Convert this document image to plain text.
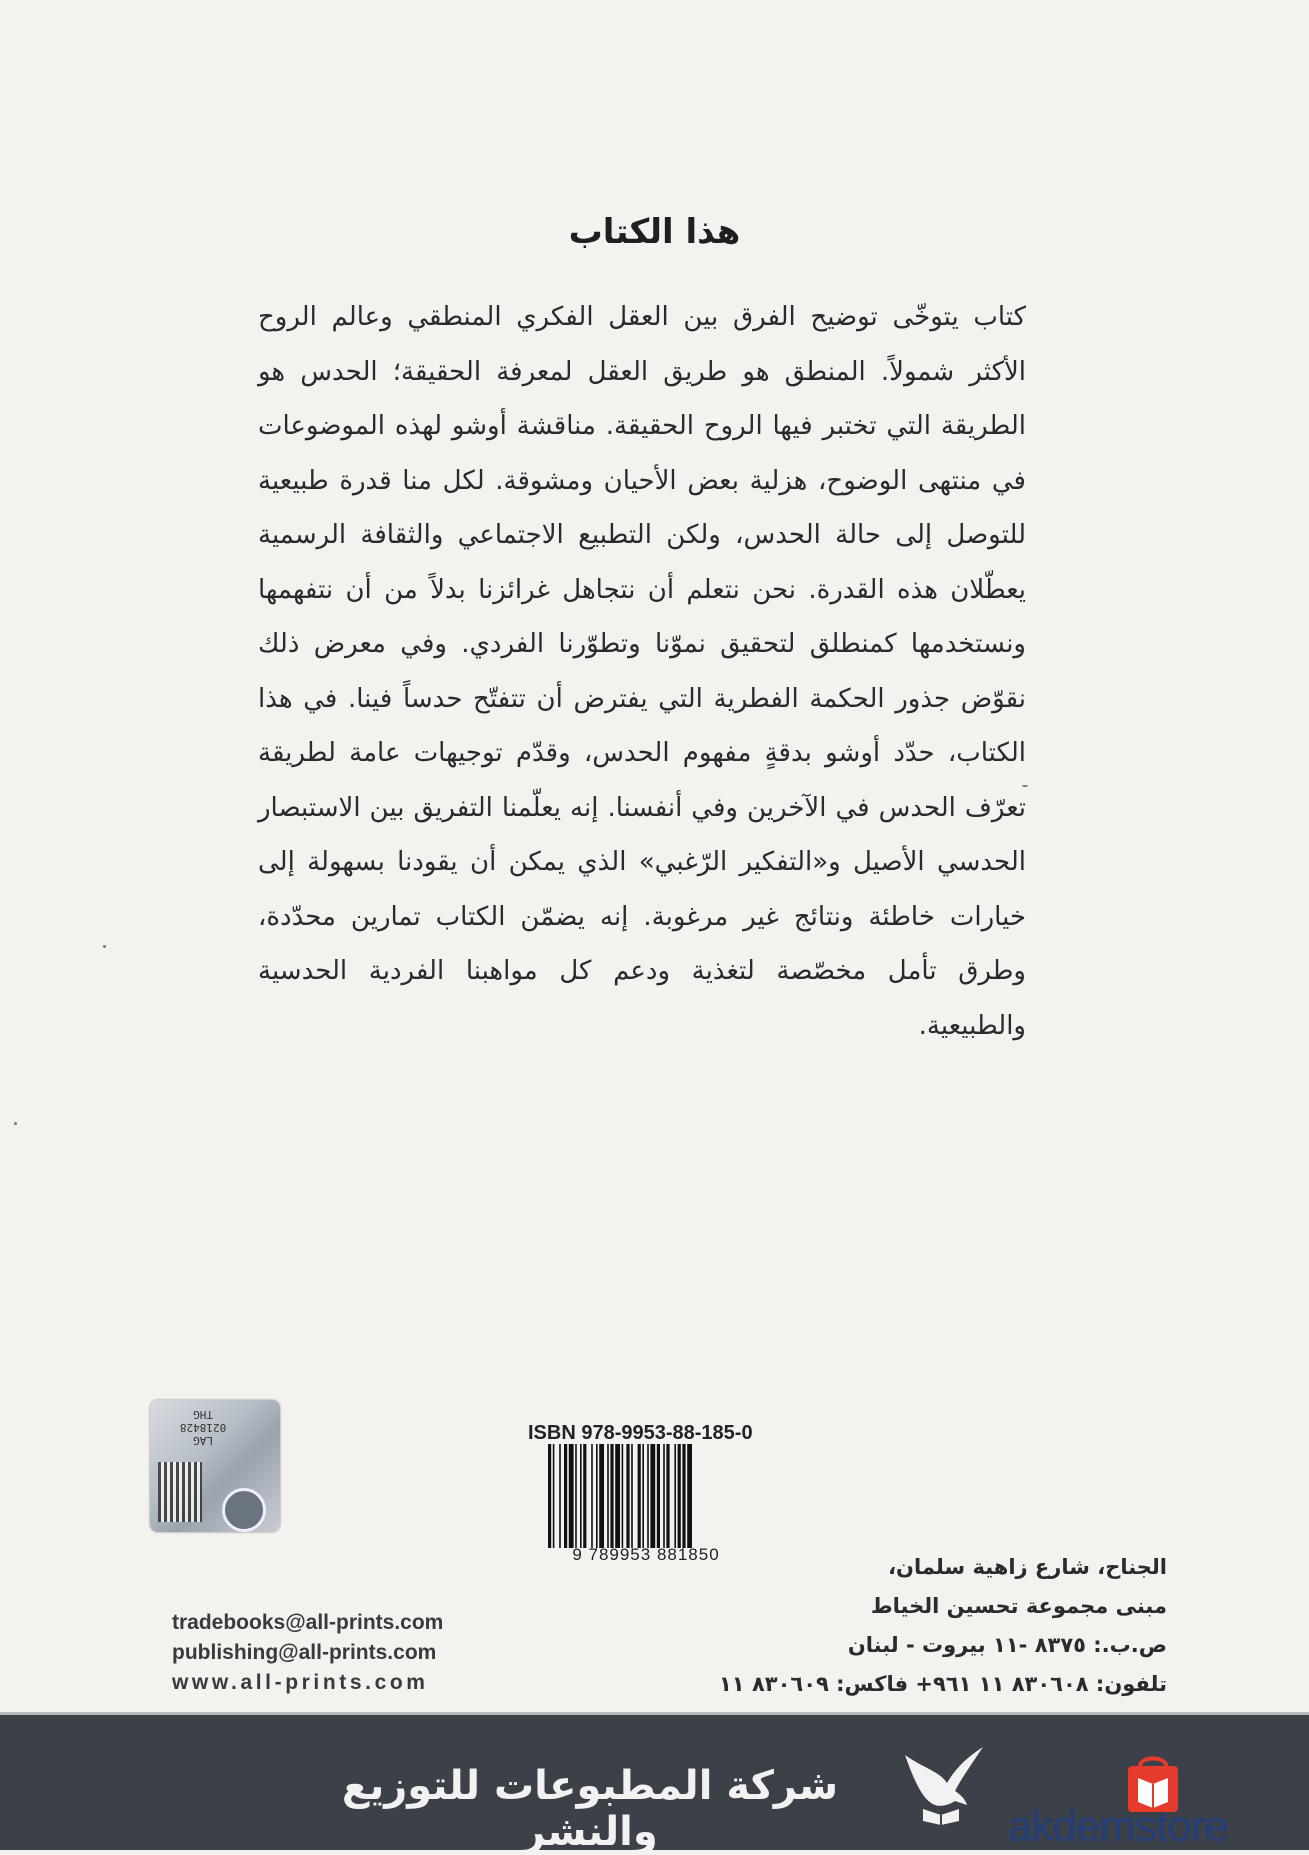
هذا الكتاب

كتاب يتوخّى توضيح الفرق بين العقل الفكري المنطقي وعالم الروح الأكثر شمولاً. المنطق هو طريق العقل لمعرفة الحقيقة؛ الحدس هو الطريقة التي تختبر فيها الروح الحقيقة. مناقشة أوشو لهذه الموضوعات في منتهى الوضوح، هزلية بعض الأحيان ومشوقة. لكل منا قدرة طبيعية للتوصل إلى حالة الحدس، ولكن التطبيع الاجتماعي والثقافة الرسمية يعطّلان هذه القدرة. نحن نتعلم أن نتجاهل غرائزنا بدلاً من أن نتفهمها ونستخدمها كمنطلق لتحقيق نموّنا وتطوّرنا الفردي. وفي معرض ذلك نقوّض جذور الحكمة الفطرية التي يفترض أن تتفتّح حدساً فينا. في هذا الكتاب، حدّد أوشو بدقةٍ مفهوم الحدس، وقدّم توجيهات عامة لطريقة تعرّف الحدس في الآخرين وفي أنفسنا. إنه يعلّمنا التفريق بين الاستبصار الحدسي الأصيل و«التفكير الرّغبي» الذي يمكن أن يقودنا بسهولة إلى خيارات خاطئة ونتائج غير مرغوبة. إنه يضمّن الكتاب تمارين محدّدة، وطرق تأمل مخصّصة لتغذية ودعم كل مواهبنا الفردية الحدسية والطبيعية.

LAG
0218428
THG
ISBN 978-9953-88-185-0
9 789953 881850
tradebooks@all-prints.com
publishing@all-prints.com
www.all-prints.com
الجناح، شارع زاهية سلمان،
مبنى مجموعة تحسين الخياط
ص.ب.: ٨٣٧٥ -١١ بيروت - لبنان
تلفون: ٨٣٠٦٠٨ ١١ ٩٦١+ فاكس: ٨٣٠٦٠٩ ١١
شركة المطبوعات للتوزيع والنشر	akdemstore
